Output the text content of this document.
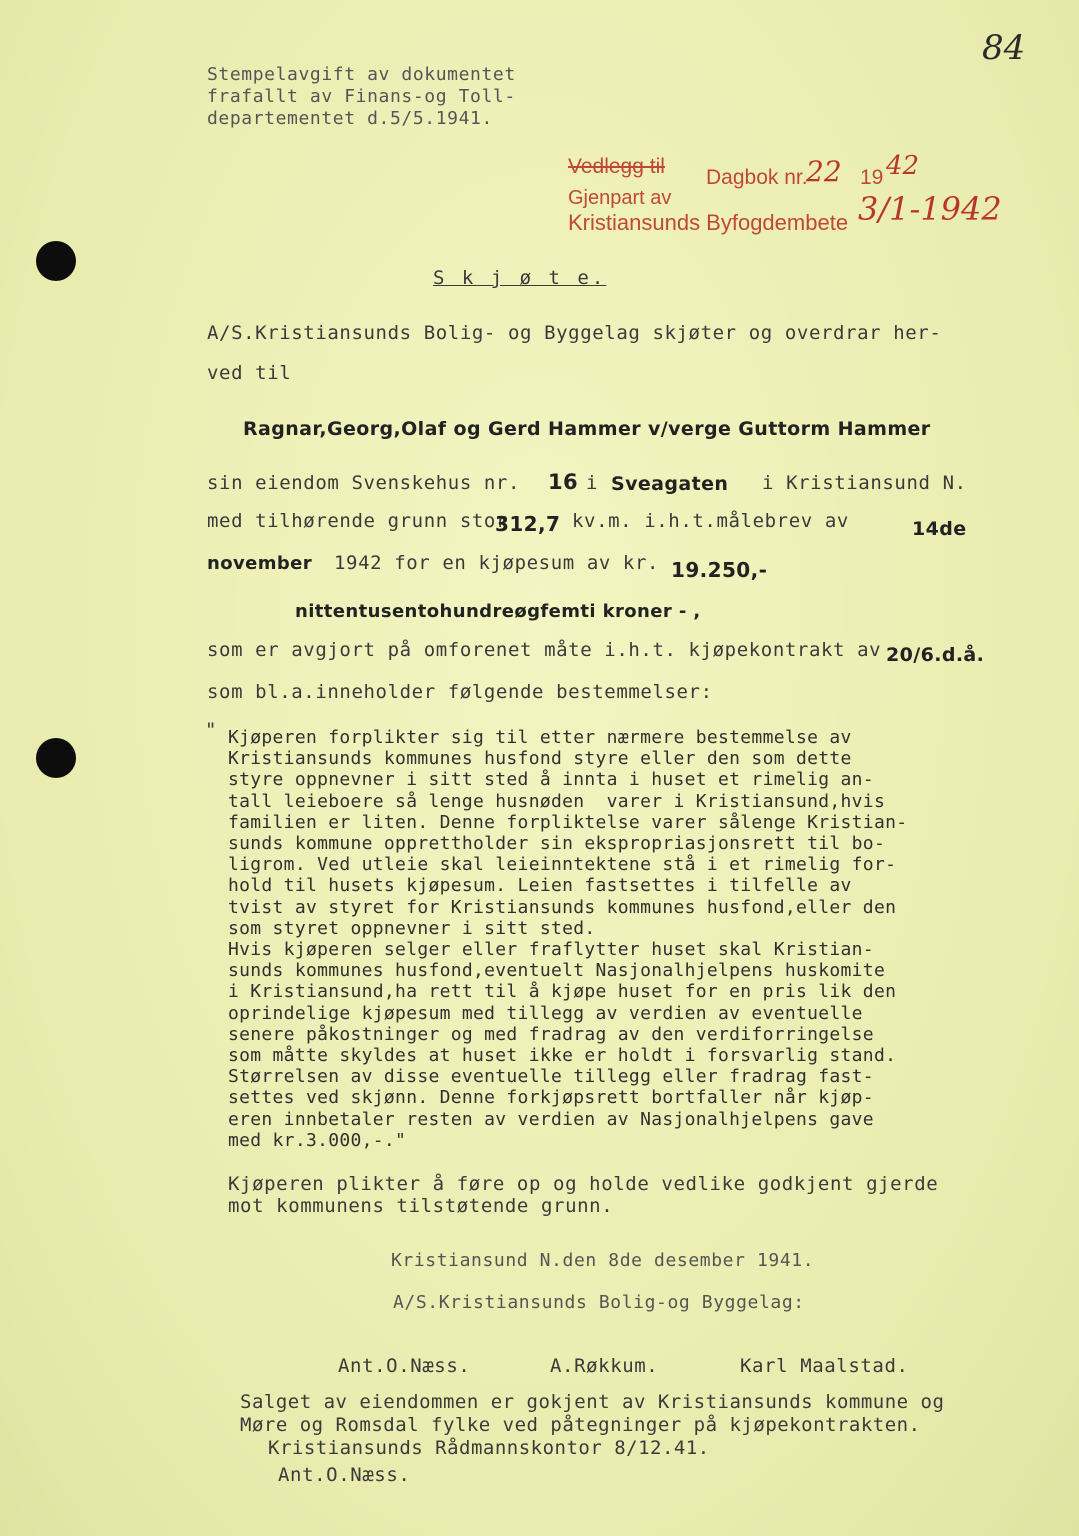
84
Stempelavgift av dokumentet
frafallt av Finans-og Toll-
departementet d.5/5.1941.
Vedlegg til Dagbok nr.
22 19 42
Gjenpart av
Kristiansunds Byfogdembete 3/1-1942
S k j ø t e.
A/S.Kristiansunds Bolig- og Byggelag skjøter og overdrar her-
ved til
Ragnar,Georg,Olaf og Gerd Hammer v/verge Guttorm Hammer
sin eiendom Svenskehus nr. 16 i Sveagaten i Kristiansund N.
med tilhørende grunn stor
312,7 kv.m. i.h.t.målebrev av	14de
november 1942 for en kjøpesum av kr. 19.250,-
nittentusentohundreøgfemti kroner - ,
som er avgjort på omforenet måte i.h.t. kjøpekontrakt av 20/6.d.å.
som bl.a.inneholder følgende bestemmelser:
" Kjøperen forplikter sig til etter nærmere bestemmelse av
Kristiansunds kommunes husfond styre eller den som dette
styre oppnevner i sitt sted å innta i huset et rimelig an-
tall leieboere så lenge husnøden  varer i Kristiansund,hvis
familien er liten. Denne forpliktelse varer sålenge Kristian-
sunds kommune opprettholder sin ekspropriasjonsrett til bo-
ligrom. Ved utleie skal leieinntektene stå i et rimelig for-
hold til husets kjøpesum. Leien fastsettes i tilfelle av
tvist av styret for Kristiansunds kommunes husfond,eller den
som styret oppnevner i sitt sted.
Hvis kjøperen selger eller fraflytter huset skal Kristian-
sunds kommunes husfond,eventuelt Nasjonalhjelpens huskomite
i Kristiansund,ha rett til å kjøpe huset for en pris lik den
oprindelige kjøpesum med tillegg av verdien av eventuelle
senere påkostninger og med fradrag av den verdiforringelse
som måtte skyldes at huset ikke er holdt i forsvarlig stand.
Størrelsen av disse eventuelle tillegg eller fradrag fast-
settes ved skjønn. Denne forkjøpsrett bortfaller når kjøp-
eren innbetaler resten av verdien av Nasjonalhjelpens gave
med kr.3.000,-."
Kjøperen plikter å føre op og holde vedlike godkjent gjerde
mot kommunens tilstøtende grunn.
Kristiansund N.den 8de desember 1941.
A/S.Kristiansunds Bolig-og Byggelag:
Ant.O.Næss.	A.Røkkum.	Karl Maalstad.
Salget av eiendommen er gokjent av Kristiansunds kommune og
Møre og Romsdal fylke ved påtegninger på kjøpekontrakten.
Kristiansunds Rådmannskontor 8/12.41.
Ant.O.Næss.
